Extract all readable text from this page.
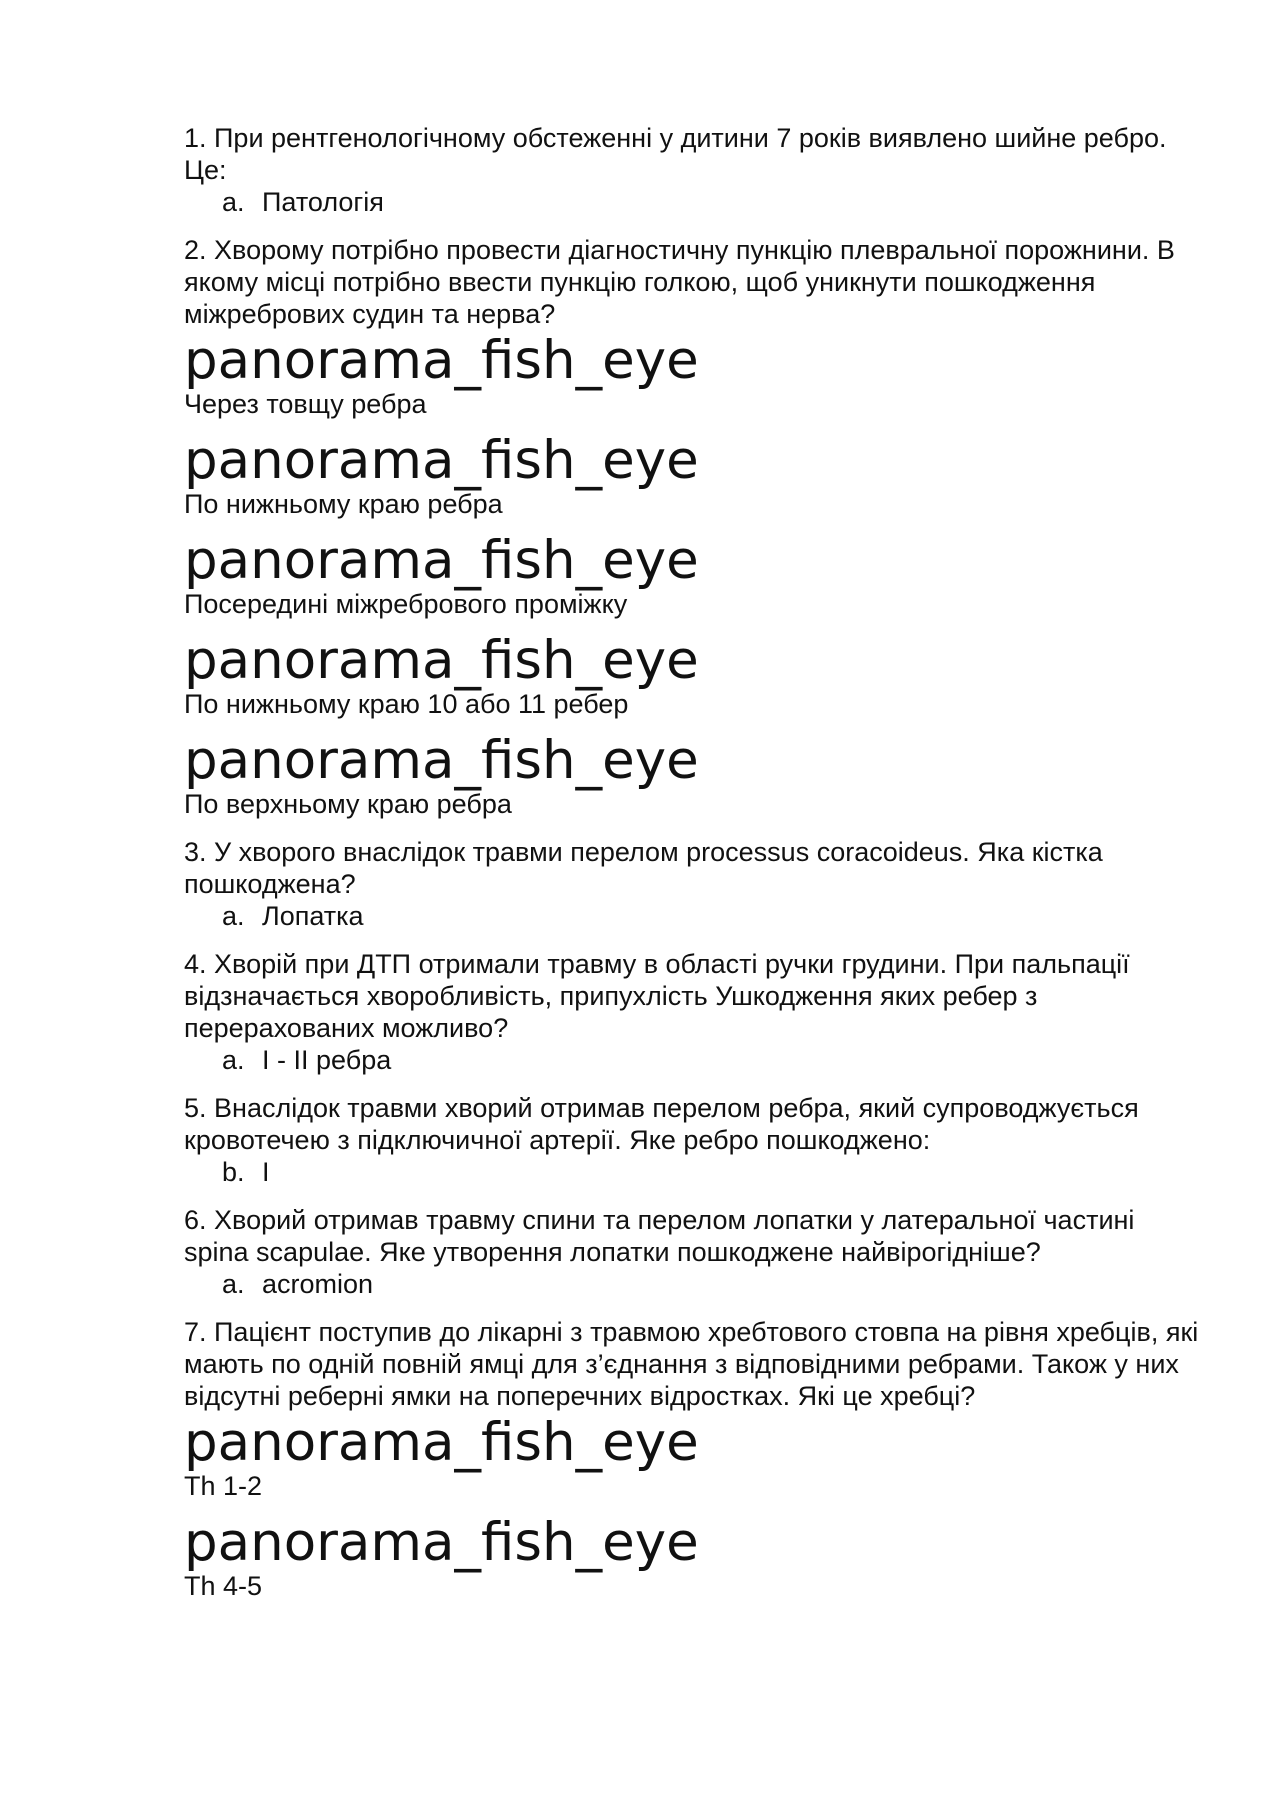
1. При рентгенологічному обстеженні у дитини 7 років виявлено шийне ребро. Це:

a. Патологія

2. Хворому потрібно провести діагностичну пункцію плевральної порожнини. В якому місці потрібно ввести пункцію голкою, щоб уникнути пошкодження міжребрових судин та нерва?

panorama_fish_eye
Через товщу ребра
panorama_fish_eye
По нижньому краю ребра
panorama_fish_eye
Посередині міжребрового проміжку
panorama_fish_eye
По нижньому краю 10 або 11 ребер
panorama_fish_eye
По верхньому краю ребра

3. У хворого внаслідок травми перелом processus coracoideus. Яка кістка пошкоджена?

a. Лопатка

4. Хворій при ДТП отримали травму в області ручки грудини. При пальпації відзначається хворобливість, припухлість Ушкодження яких ребер з перерахованих можливо?

a. I - II ребра

5. Внаслідок травми хворий отримав перелом ребра, який супроводжується кровотечею з підключичної артерії. Яке ребро пошкоджено:

b. I

6. Хворий отримав травму спини та перелом лопатки у латеральної частині spina scapulae. Яке утворення лопатки пошкоджене найвірогідніше?

a. acromion

7. Пацієнт поступив до лікарні з травмою хребтового стовпа на рівня хребців, які мають по одній повній ямці для з’єднання з відповідними ребрами. Також у них відсутні реберні ямки на поперечних відростках. Які це хребці?

panorama_fish_eye
Th 1-2
panorama_fish_eye
Th 4-5
